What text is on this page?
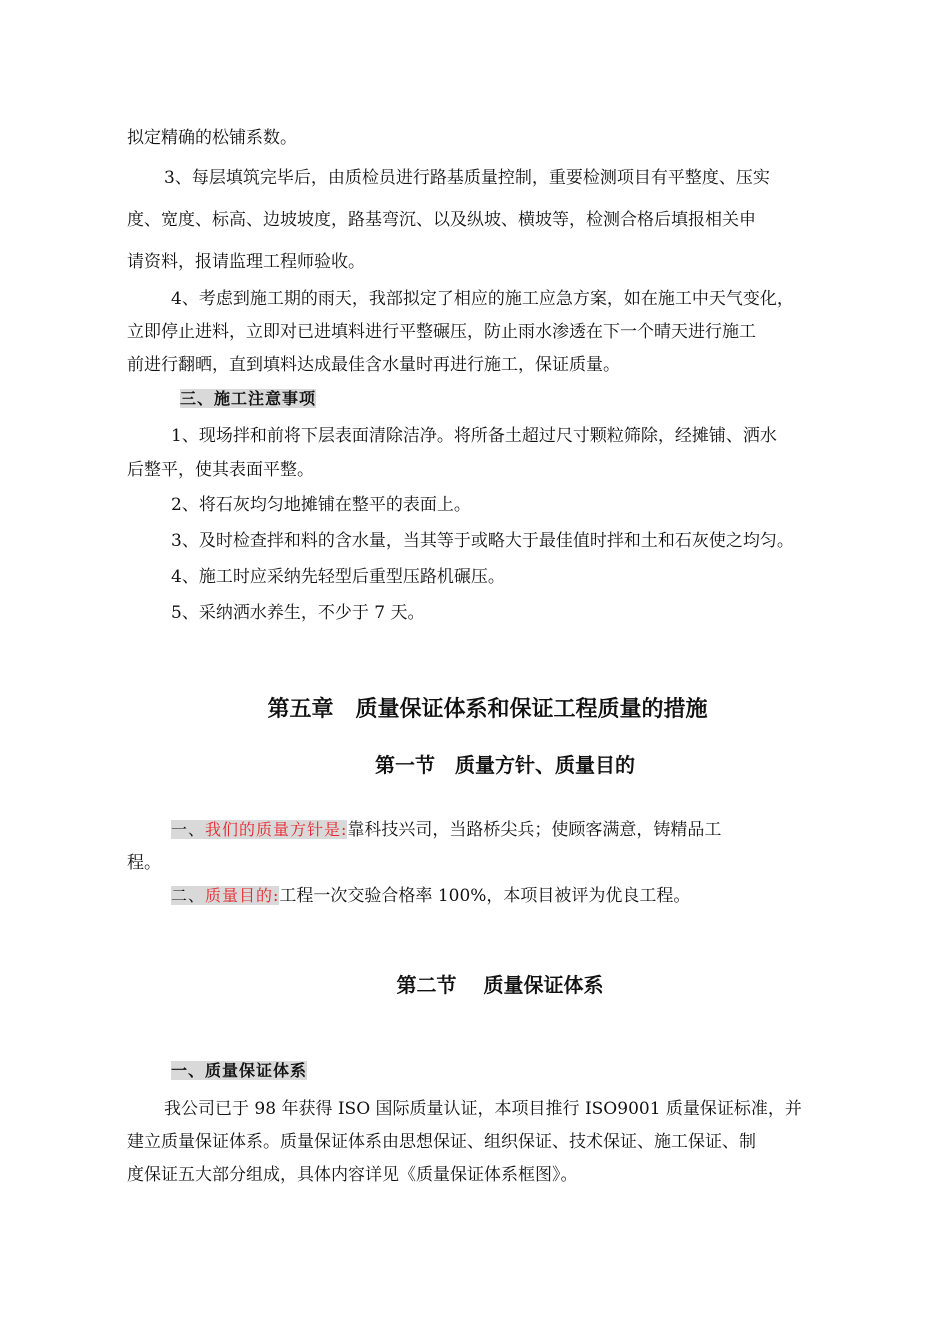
拟定精确的松铺系数。
3、每层填筑完毕后，由质检员进行路基质量控制，重要检测项目有平整度、压实
度、宽度、标高、边坡坡度，路基弯沉、以及纵坡、横坡等，检测合格后填报相关申
请资料，报请监理工程师验收。
4、考虑到施工期的雨天，我部拟定了相应的施工应急方案，如在施工中天气变化，
立即停止进料，立即对已进填料进行平整碾压，防止雨水渗透在下一个晴天进行施工
前进行翻晒，直到填料达成最佳含水量时再进行施工，保证质量。
三、施工注意事项
1、现场拌和前将下层表面清除洁净。将所备土超过尺寸颗粒筛除，经摊铺、洒水
后整平，使其表面平整。
2、将石灰均匀地摊铺在整平的表面上。
3、及时检查拌和料的含水量，当其等于或略大于最佳值时拌和土和石灰使之均匀。
4、施工时应采纳先轻型后重型压路机碾压。
5、采纳洒水养生，不少于 7 天。
第五章　质量保证体系和保证工程质量的措施
第一节　质量方针、质量目的
一、我们的质量方针是:靠科技兴司，当路桥尖兵；使顾客满意，铸精品工
程。
二、质量目的:工程一次交验合格率 100%，本项目被评为优良工程。
第二节　 质量保证体系
一、质量保证体系
我公司已于 98 年获得 ISO 国际质量认证，本项目推行 ISO9001 质量保证标准，并
建立质量保证体系。质量保证体系由思想保证、组织保证、技术保证、施工保证、制
度保证五大部分组成，具体内容详见《质量保证体系框图》。
